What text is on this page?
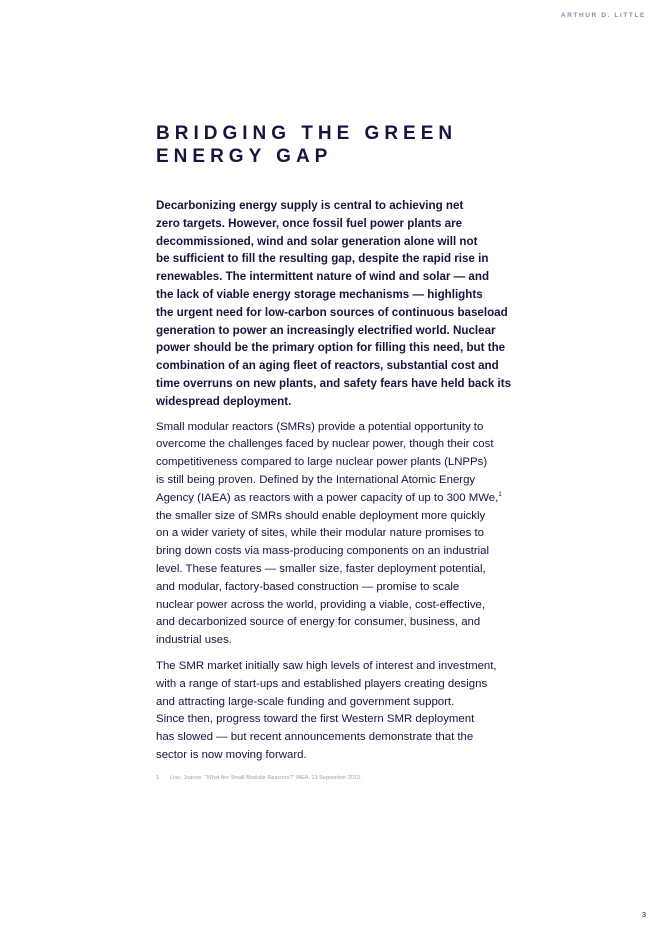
ARTHUR D. LITTLE
BRIDGING THE GREEN
ENERGY GAP

Decarbonizing energy supply is central to achieving net
zero targets. However, once fossil fuel power plants are
decommissioned, wind and solar generation alone will not
be sufficient to fill the resulting gap, despite the rapid rise in
renewables. The intermittent nature of wind and solar — and
the lack of viable energy storage mechanisms — highlights
the urgent need for low-carbon sources of continuous baseload
generation to power an increasingly electrified world. Nuclear
power should be the primary option for filling this need, but the
combination of an aging fleet of reactors, substantial cost and
time overruns on new plants, and safety fears have held back its
widespread deployment.

Small modular reactors (SMRs) provide a potential opportunity to
overcome the challenges faced by nuclear power, though their cost
competitiveness compared to large nuclear power plants (LNPPs)
is still being proven. Defined by the International Atomic Energy
Agency (IAEA) as reactors with a power capacity of up to 300 MWe,$^1$
the smaller size of SMRs should enable deployment more quickly
on a wider variety of sites, while their modular nature promises to
bring down costs via mass-producing components on an industrial
level. These features — smaller size, faster deployment potential,
and modular, factory-based construction — promise to scale
nuclear power across the world, providing a viable, cost-effective,
and decarbonized source of energy for consumer, business, and
industrial uses.

The SMR market initially saw high levels of interest and investment,
with a range of start-ups and established players creating designs
and attracting large-scale funding and government support.
Since then, progress toward the first Western SMR deployment
has slowed — but recent announcements demonstrate that the
sector is now moving forward.

1 Liou, Joanne. "What Are Small Modular Reactors?" IAEA, 13 September 2013.
3
